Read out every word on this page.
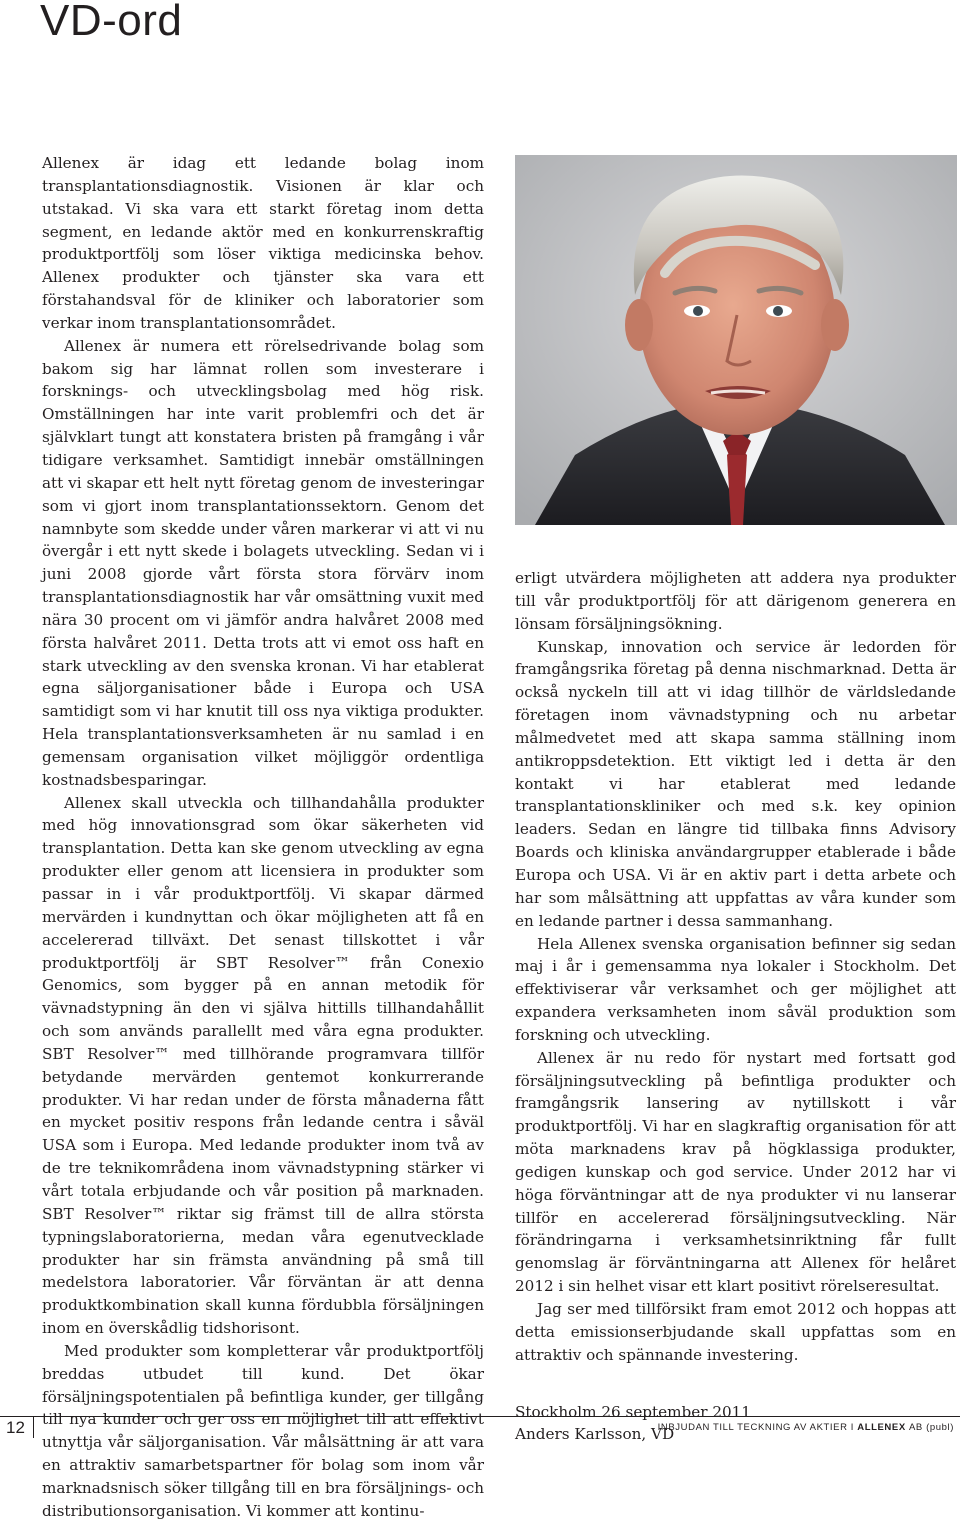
VD-ord

Allenex är idag ett ledande bolag inom transplantationsdiagnostik. Visionen är klar och utstakad. Vi ska vara ett starkt företag inom detta segment, en ledande aktör med en konkurrenskraftig produktportfölj som löser viktiga medicinska behov. Allenex produkter och tjänster ska vara ett förstahandsval för de kliniker och laboratorier som verkar inom transplantationsområdet.

Allenex är numera ett rörelsedrivande bolag som bakom sig har lämnat rollen som investerare i forsknings- och utvecklingsbolag med hög risk. Omställningen har inte varit problemfri och det är självklart tungt att konstatera bristen på framgång i vår tidigare verksamhet. Samtidigt innebär omställningen att vi skapar ett helt nytt företag genom de investeringar som vi gjort inom transplantationssektorn. Genom det namnbyte som skedde under våren markerar vi att vi nu övergår i ett nytt skede i bolagets utveckling. Sedan vi i juni 2008 gjorde vårt första stora förvärv inom transplantationsdiagnostik har vår omsättning vuxit med nära 30 procent om vi jämför andra halvåret 2008 med första halvåret 2011. Detta trots att vi emot oss haft en stark utveckling av den svenska kronan. Vi har etablerat egna säljorganisationer både i Europa och USA samtidigt som vi har knutit till oss nya viktiga produkter. Hela transplantationsverksamheten är nu samlad i en gemensam organisation vilket möjliggör ordentliga kostnadsbesparingar.

Allenex skall utveckla och tillhandahålla produkter med hög innovationsgrad som ökar säkerheten vid transplantation. Detta kan ske genom utveckling av egna produkter eller genom att licensiera in produkter som passar in i vår produktportfölj. Vi skapar därmed mervärden i kundnyttan och ökar möjligheten att få en accelererad tillväxt. Det senast tillskottet i vår produktportfölj är SBT Resolver™ från Conexio Genomics, som bygger på en annan metodik för vävnadstypning än den vi själva hittills tillhandahållit och som används parallellt med våra egna produkter. SBT Resolver™ med tillhörande programvara tillför betydande mervärden gentemot konkurrerande produkter. Vi har redan under de första månaderna fått en mycket positiv respons från ledande centra i såväl USA som i Europa. Med ledande produkter inom två av de tre teknikområdena inom vävnadstypning stärker vi vårt totala erbjudande och vår position på marknaden. SBT Resolver™ riktar sig främst till de allra största typningslaboratorierna, medan våra egenutvecklade produkter har sin främsta användning på små till medelstora laboratorier. Vår förväntan är att denna produktkombination skall kunna fördubbla försäljningen inom en överskådlig tidshorisont.

Med produkter som kompletterar vår produktportfölj breddas utbudet till kund. Det ökar försäljningspotentialen på befintliga kunder, ger tillgång till nya kunder och ger oss en möjlighet till att effektivt utnyttja vår säljorganisation. Vår målsättning är att vara en attraktiv samarbetspartner för bolag som inom vår marknadsnisch söker tillgång till en bra försäljnings- och distributionsorganisation. Vi kommer att kontinu-

erligt utvärdera möjligheten att addera nya produkter till vår produktportfölj för att därigenom generera en lönsam försäljningsökning.

Kunskap, innovation och service är ledorden för framgångsrika företag på denna nischmarknad. Detta är också nyckeln till att vi idag tillhör de världsledande företagen inom vävnadstypning och nu arbetar målmedvetet med att skapa samma ställning inom antikroppsdetektion. Ett viktigt led i detta är den kontakt vi har etablerat med ledande transplantationskliniker och med s.k. key opinion leaders. Sedan en längre tid tillbaka finns Advisory Boards och kliniska användargrupper etablerade i både Europa och USA. Vi är en aktiv part i detta arbete och har som målsättning att uppfattas av våra kunder som en ledande partner i dessa sammanhang.

Hela Allenex svenska organisation befinner sig sedan maj i år i gemensamma nya lokaler i Stockholm. Det effektiviserar vår verksamhet och ger möjlighet att expandera verksamheten inom såväl produktion som forskning och utveckling.

Allenex är nu redo för nystart med fortsatt god försäljningsutveckling på befintliga produkter och framgångsrik lansering av nytillskott i vår produktportfölj. Vi har en slagkraftig organisation för att möta marknadens krav på högklassiga produkter, gedigen kunskap och god service. Under 2012 har vi höga förväntningar att de nya produkter vi nu lanserar tillför en accelererad försäljningsutveckling. När förändringarna i verksamhetsinriktning får fullt genomslag är förväntningarna att Allenex för helåret 2012 i sin helhet visar ett klart positivt rörelseresultat.

Jag ser med tillförsikt fram emot 2012 och hoppas att detta emissionserbjudande skall uppfattas som en attraktiv och spännande investering.

Stockholm 26 september 2011
Anders Karlsson, VD

12	INBJUDAN TILL TECKNING AV AKTIER I ALLENEX AB (publ)
